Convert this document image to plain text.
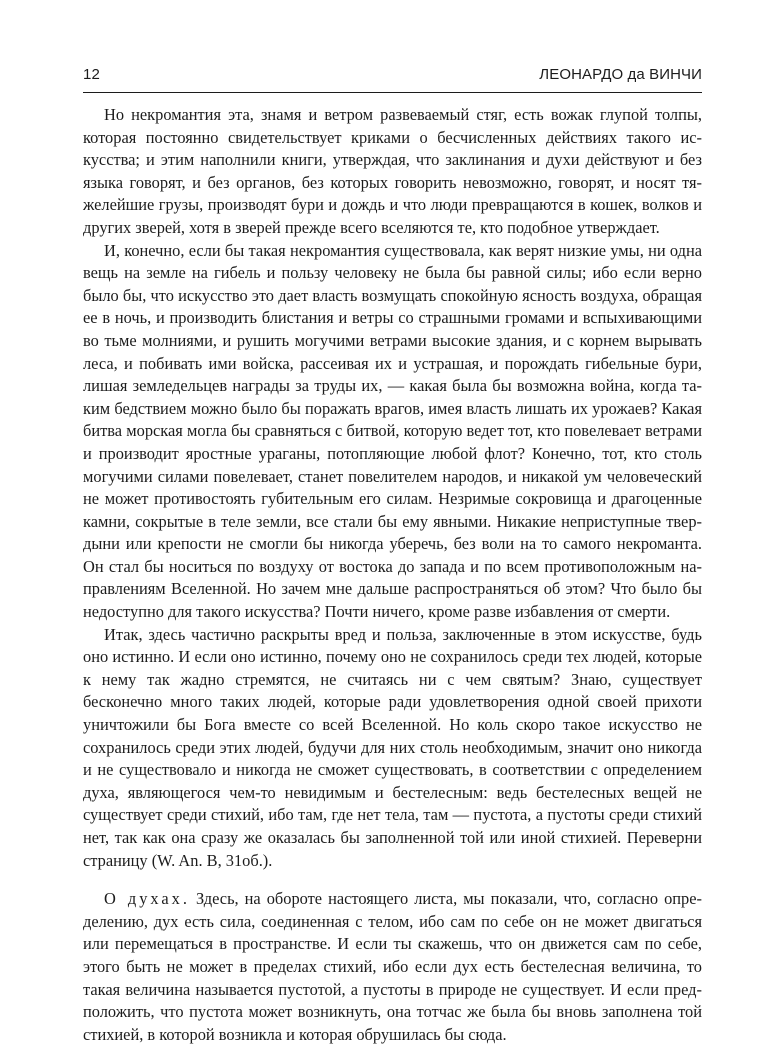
12	ЛЕОНАРДО да ВИНЧИ

Но некромантия эта, знамя и ветром развеваемый стяг, есть вожак глупой толпы, которая постоянно свидетельствует криками о бесчисленных действиях такого искусства; и этим наполнили книги, утверждая, что заклинания и духи действуют и без языка говорят, и без органов, без которых говорить невозможно, говорят, и носят тяжелейшие грузы, производят бури и дождь и что люди превращаются в кошек, волков и других зверей, хотя в зверей прежде всего вселяются те, кто подобное утверждает.

И, конечно, если бы такая некромантия существовала, как верят низкие умы, ни одна вещь на земле на гибель и пользу человеку не была бы равной силы; ибо если верно было бы, что искусство это дает власть возмущать спокойную ясность воздуха, обращая ее в ночь, и производить блистания и ветры со страшными громами и вспыхивающими во тьме молниями, и рушить могучими ветрами высокие здания, и с корнем вырывать леса, и побивать ими войска, рассеивая их и устрашая, и порождать гибельные бури, лишая земледельцев награды за труды их, — какая была бы возможна война, когда таким бедствием можно было бы поражать врагов, имея власть лишать их урожаев? Какая битва морская могла бы сравняться с битвой, которую ведет тот, кто повелевает ветрами и производит яростные ураганы, потопляющие любой флот? Конечно, тот, кто столь могучими силами повелевает, станет повелителем народов, и никакой ум человеческий не может противостоять губительным его силам. Незримые сокровища и драгоценные камни, сокрытые в теле земли, все стали бы ему явными. Никакие неприступные твердыни или крепости не смогли бы никогда уберечь, без воли на то самого некроманта. Он стал бы носиться по воздуху от востока до запада и по всем противоположным направлениям Вселенной. Но зачем мне дальше распространяться об этом? Что было бы недоступно для такого искусства? Почти ничего, кроме разве избавления от смерти.

Итак, здесь частично раскрыты вред и польза, заключенные в этом искусстве, будь оно истинно. И если оно истинно, почему оно не сохранилось среди тех людей, которые к нему так жадно стремятся, не считаясь ни с чем святым? Знаю, существует бесконечно много таких людей, которые ради удовлетворения одной своей прихоти уничтожили бы Бога вместе со всей Вселенной. Но коль скоро такое искусство не сохранилось среди этих людей, будучи для них столь необходимым, значит оно никогда и не существовало и никогда не сможет существовать, в соответствии с определением духа, являющегося чем-то невидимым и бестелесным: ведь бестелесных вещей не существует среди стихий, ибо там, где нет тела, там — пустота, а пустоты среди стихий нет, так как она сразу же оказалась бы заполненной той или иной стихией. Переверни страницу (W. An. B, 31об.).

О духах. Здесь, на обороте настоящего листа, мы показали, что, согласно определению, дух есть сила, соединенная с телом, ибо сам по себе он не может двигаться или перемещаться в пространстве. И если ты скажешь, что он движется сам по себе, этого быть не может в пределах стихий, ибо если дух есть бестелесная величина, то такая величина называется пустотой, а пустоты в природе не существует. И если предположить, что пустота может возникнуть, она тотчас же была бы вновь заполнена той стихией, в которой возникла и которая обрушилась бы сюда.
